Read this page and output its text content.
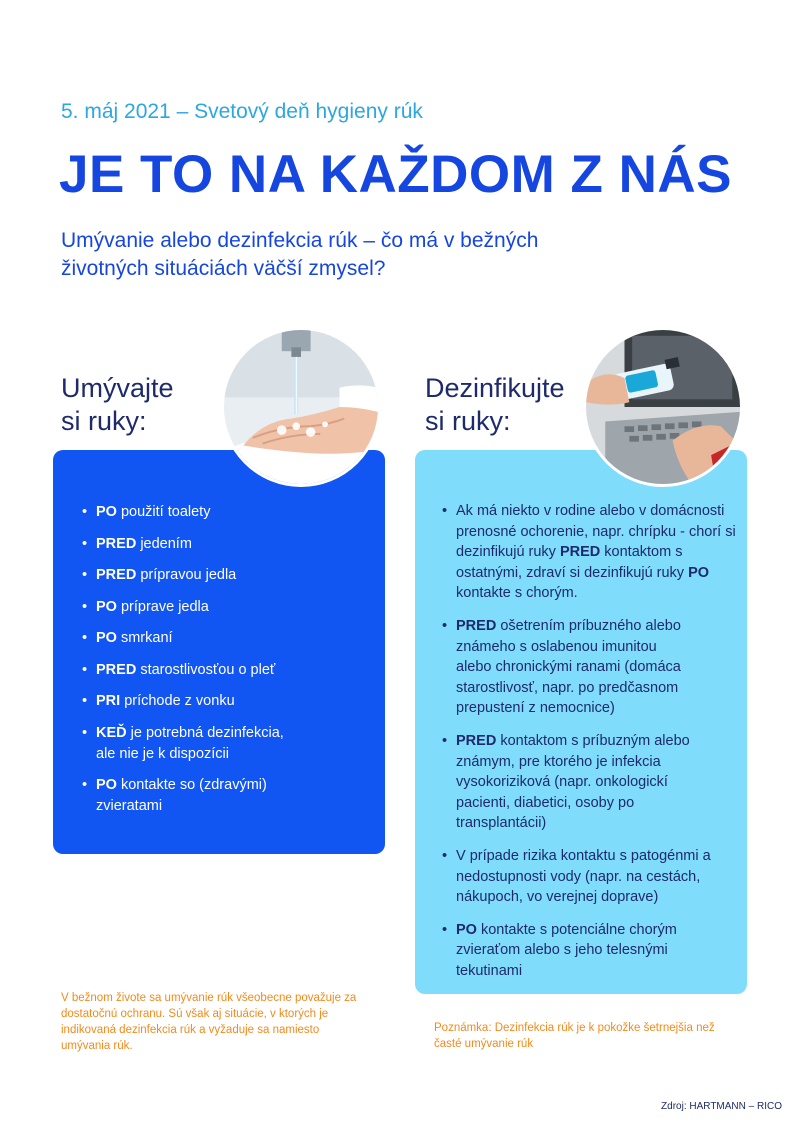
5. máj 2021 – Svetový deň hygieny rúk
JE TO NA KAŽDOM Z NÁS
Umývanie alebo dezinfekcia rúk – čo má v bežných životných situáciách väčší zmysel?
Umývajte
si ruky:
• PO použití toalety
• PRED jedením
• PRED prípravou jedla
• PO príprave jedla
• PO smrkaní
• PRED starostlivosťou o pleť
• PRI príchode z vonku
• KEĎ je potrebná dezinfekcia, ale nie je k dispozícii
• PO kontakte so (zdravými) zvieratami
V bežnom živote sa umývanie rúk všeobecne považuje za dostatočnú ochranu. Sú však aj situácie, v ktorých je indikovaná dezinfekcia rúk a vyžaduje sa namiesto umývania rúk.
Dezinfikujte
si ruky:
• Ak má niekto v rodine alebo v domácnosti prenosné ochorenie, napr. chrípku - chorí si dezinfikujú ruky PRED kontaktom s ostatnými, zdraví si dezinfikujú ruky PO kontakte s chorým.
• PRED ošetrením príbuzného alebo známeho s oslabenou imunitou alebo chronickými ranami (domáca starostlivosť, napr. po predčasnom prepustení z nemocnice)
• PRED kontaktom s príbuzným alebo známym, pre ktorého je infekcia vysokoriziková (napr. onkologickí pacienti, diabetici, osoby po transplantácii)
• V prípade rizika kontaktu s patogénmi a nedostupnosti vody (napr. na cestách, nákupoch, vo verejnej doprave)
• PO kontakte s potenciálne chorým zvieraťom alebo s jeho telesnými tekutinami
Poznámka: Dezinfekcia rúk je k pokožke šetrnejšia než časté umývanie rúk
Zdroj: HARTMANN – RICO
